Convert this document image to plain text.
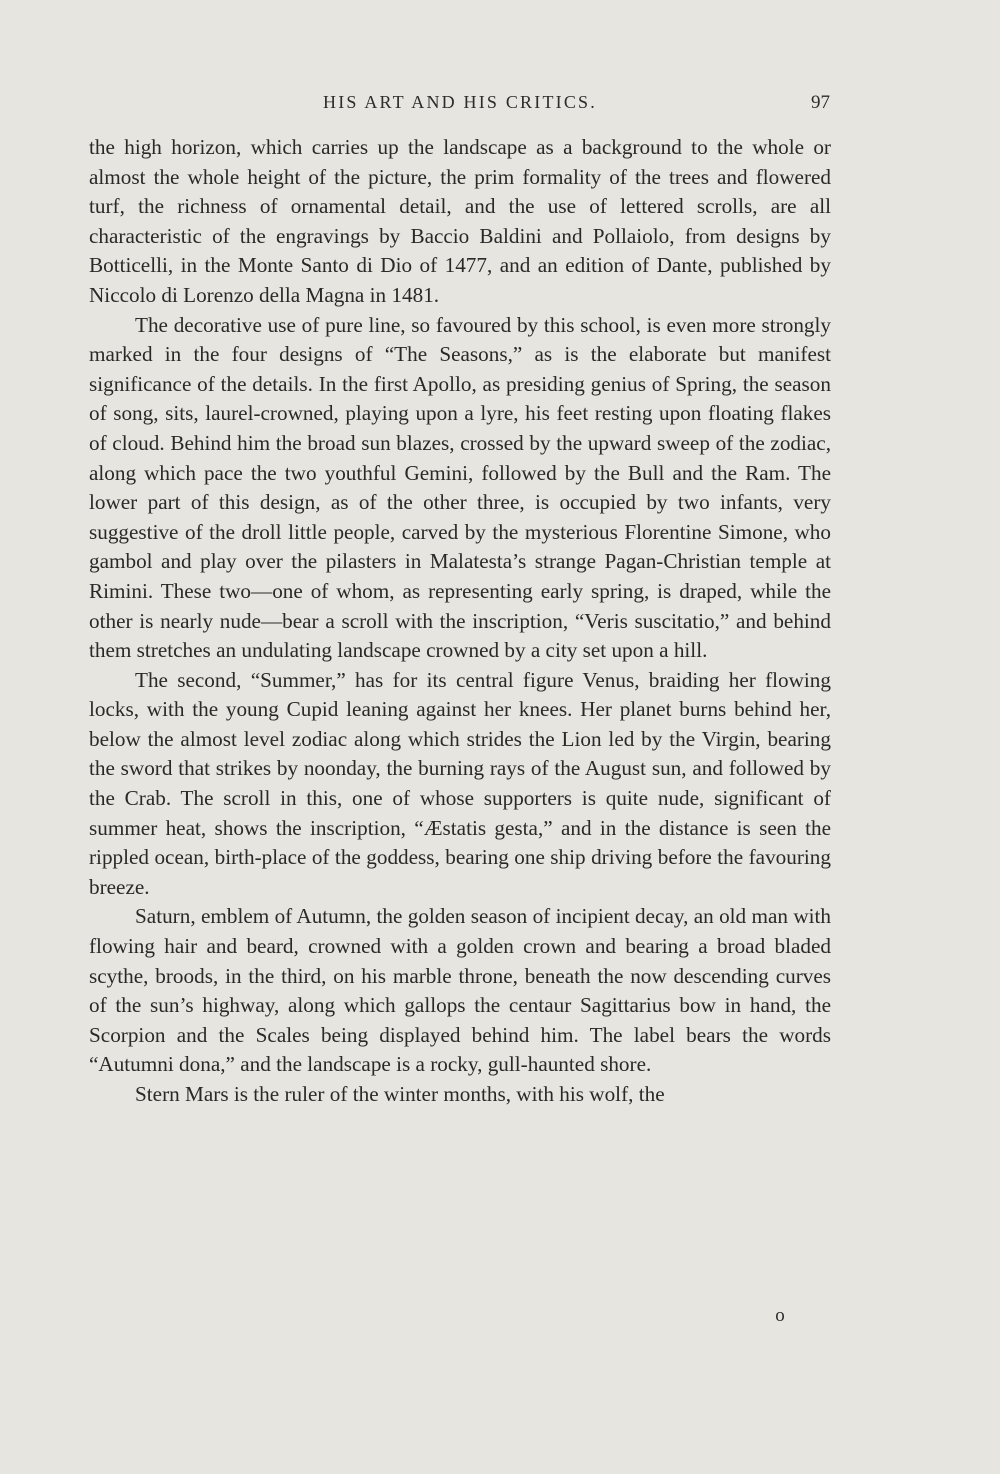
HIS ART AND HIS CRITICS.	97

the high horizon, which carries up the landscape as a background to the whole or almost the whole height of the picture, the prim formality of the trees and flowered turf, the richness of ornamental detail, and the use of lettered scrolls, are all characteristic of the engravings by Baccio Baldini and Pollaiolo, from designs by Botticelli, in the Monte Santo di Dio of 1477, and an edition of Dante, published by Niccolo di Lorenzo della Magna in 1481.

The decorative use of pure line, so favoured by this school, is even more strongly marked in the four designs of “The Seasons,” as is the elaborate but manifest significance of the details. In the first Apollo, as presiding genius of Spring, the season of song, sits, laurel-crowned, playing upon a lyre, his feet resting upon floating flakes of cloud. Behind him the broad sun blazes, crossed by the upward sweep of the zodiac, along which pace the two youthful Gemini, followed by the Bull and the Ram. The lower part of this design, as of the other three, is occupied by two infants, very suggestive of the droll little people, carved by the mysterious Florentine Simone, who gambol and play over the pilasters in Malatesta’s strange Pagan-Christian temple at Rimini. These two—one of whom, as representing early spring, is draped, while the other is nearly nude—bear a scroll with the inscription, “Veris suscitatio,” and behind them stretches an undulating landscape crowned by a city set upon a hill.

The second, “Summer,” has for its central figure Venus, braiding her flowing locks, with the young Cupid leaning against her knees. Her planet burns behind her, below the almost level zodiac along which strides the Lion led by the Virgin, bearing the sword that strikes by noonday, the burning rays of the August sun, and followed by the Crab. The scroll in this, one of whose supporters is quite nude, significant of summer heat, shows the inscription, “Æstatis gesta,” and in the distance is seen the rippled ocean, birth-place of the goddess, bearing one ship driving before the favouring breeze.

Saturn, emblem of Autumn, the golden season of incipient decay, an old man with flowing hair and beard, crowned with a golden crown and bearing a broad bladed scythe, broods, in the third, on his marble throne, beneath the now descending curves of the sun’s highway, along which gallops the centaur Sagittarius bow in hand, the Scorpion and the Scales being displayed behind him. The label bears the words “Autumni dona,” and the landscape is a rocky, gull-haunted shore.

Stern Mars is the ruler of the winter months, with his wolf, the

o
